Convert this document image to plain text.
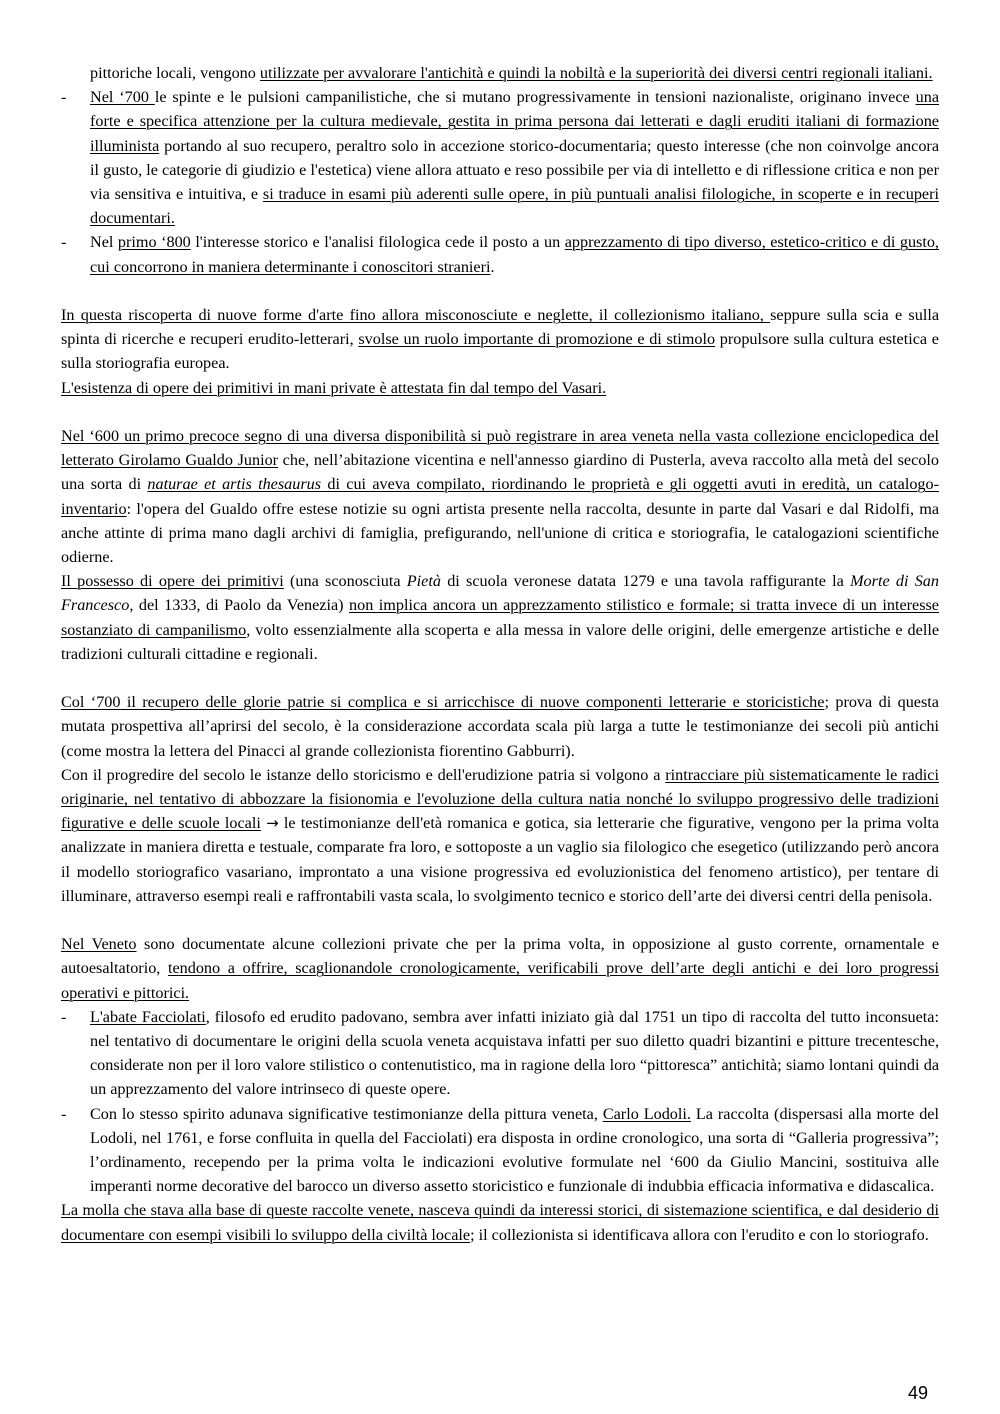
pittoriche locali, vengono utilizzate per avvalorare l'antichità e quindi la nobiltà e la superiorità dei diversi centri regionali italiani.

- Nel ‘700 le spinte e le pulsioni campanilistiche, che si mutano progressivamente in tensioni nazionaliste, originano invece una forte e specifica attenzione per la cultura medievale, gestita in prima persona dai letterati e dagli eruditi italiani di formazione illuminista portando al suo recupero, peraltro solo in accezione storico-documentaria; questo interesse (che non coinvolge ancora il gusto, le categorie di giudizio e l'estetica) viene allora attuato e reso possibile per via di intelletto e di riflessione critica e non per via sensitiva e intuitiva, e si traduce in esami più aderenti sulle opere, in più puntuali analisi filologiche, in scoperte e in recuperi documentari.
- Nel primo ‘800 l'interesse storico e l'analisi filologica cede il posto a un apprezzamento di tipo diverso, estetico-critico e di gusto, cui concorrono in maniera determinante i conoscitori stranieri.

In questa riscoperta di nuove forme d'arte fino allora misconosciute e neglette, il collezionismo italiano, seppure sulla scia e sulla spinta di ricerche e recuperi erudito-letterari, svolse un ruolo importante di promozione e di stimolo propulsore sulla cultura estetica e sulla storiografia europea.

L'esistenza di opere dei primitivi in mani private è attestata fin dal tempo del Vasari.

Nel ‘600 un primo precoce segno di una diversa disponibilità si può registrare in area veneta nella vasta collezione enciclopedica del letterato Girolamo Gualdo Junior che, nell’abitazione vicentina e nell'annesso giardino di Pusterla, aveva raccolto alla metà del secolo una sorta di naturae et artis thesaurus di cui aveva compilato, riordinando le proprietà e gli oggetti avuti in eredità, un catalogo-inventario: l'opera del Gualdo offre estese notizie su ogni artista presente nella raccolta, desunte in parte dal Vasari e dal Ridolfi, ma anche attinte di prima mano dagli archivi di famiglia, prefigurando, nell'unione di critica e storiografia, le catalogazioni scientifiche odierne.

Il possesso di opere dei primitivi (una sconosciuta Pietà di scuola veronese datata 1279 e una tavola raffigurante la Morte di San Francesco, del 1333, di Paolo da Venezia) non implica ancora un apprezzamento stilistico e formale; si tratta invece di un interesse sostanziato di campanilismo, volto essenzialmente alla scoperta e alla messa in valore delle origini, delle emergenze artistiche e delle tradizioni culturali cittadine e regionali.

Col ‘700 il recupero delle glorie patrie si complica e si arricchisce di nuove componenti letterarie e storicistiche; prova di questa mutata prospettiva all’aprirsi del secolo, è la considerazione accordata scala più larga a tutte le testimonianze dei secoli più antichi (come mostra la lettera del Pinacci al grande collezionista fiorentino Gabburri).

Con il progredire del secolo le istanze dello storicismo e dell'erudizione patria si volgono a rintracciare più sistematicamente le radici originarie, nel tentativo di abbozzare la fisionomia e l'evoluzione della cultura natia nonché lo sviluppo progressivo delle tradizioni figurative e delle scuole locali → le testimonianze dell'età romanica e gotica, sia letterarie che figurative, vengono per la prima volta analizzate in maniera diretta e testuale, comparate fra loro, e sottoposte a un vaglio sia filologico che esegetico (utilizzando però ancora il modello storiografico vasariano, improntato a una visione progressiva ed evoluzionistica del fenomeno artistico), per tentare di illuminare, attraverso esempi reali e raffrontabili vasta scala, lo svolgimento tecnico e storico dell’arte dei diversi centri della penisola.

Nel Veneto sono documentate alcune collezioni private che per la prima volta, in opposizione al gusto corrente, ornamentale e autoesaltatorio, tendono a offrire, scaglionandole cronologicamente, verificabili prove dell’arte degli antichi e dei loro progressi operativi e pittorici.

- L'abate Facciolati, filosofo ed erudito padovano, sembra aver infatti iniziato già dal 1751 un tipo di raccolta del tutto inconsueta: nel tentativo di documentare le origini della scuola veneta acquistava infatti per suo diletto quadri bizantini e pitture trecentesche, considerate non per il loro valore stilistico o contenutistico, ma in ragione della loro “pittoresca” antichità; siamo lontani quindi da un apprezzamento del valore intrinseco di queste opere.
- Con lo stesso spirito adunava significative testimonianze della pittura veneta, Carlo Lodoli. La raccolta (dispersasi alla morte del Lodoli, nel 1761, e forse confluita in quella del Facciolati) era disposta in ordine cronologico, una sorta di “Galleria progressiva”; l’ordinamento, recependo per la prima volta le indicazioni evolutive formulate nel ‘600 da Giulio Mancini, sostituiva alle imperanti norme decorative del barocco un diverso assetto storicistico e funzionale di indubbia efficacia informativa e didascalica.

La molla che stava alla base di queste raccolte venete, nasceva quindi da interessi storici, di sistemazione scientifica, e dal desiderio di documentare con esempi visibili lo sviluppo della civiltà locale; il collezionista si identificava allora con l'erudito e con lo storiografo.

49
